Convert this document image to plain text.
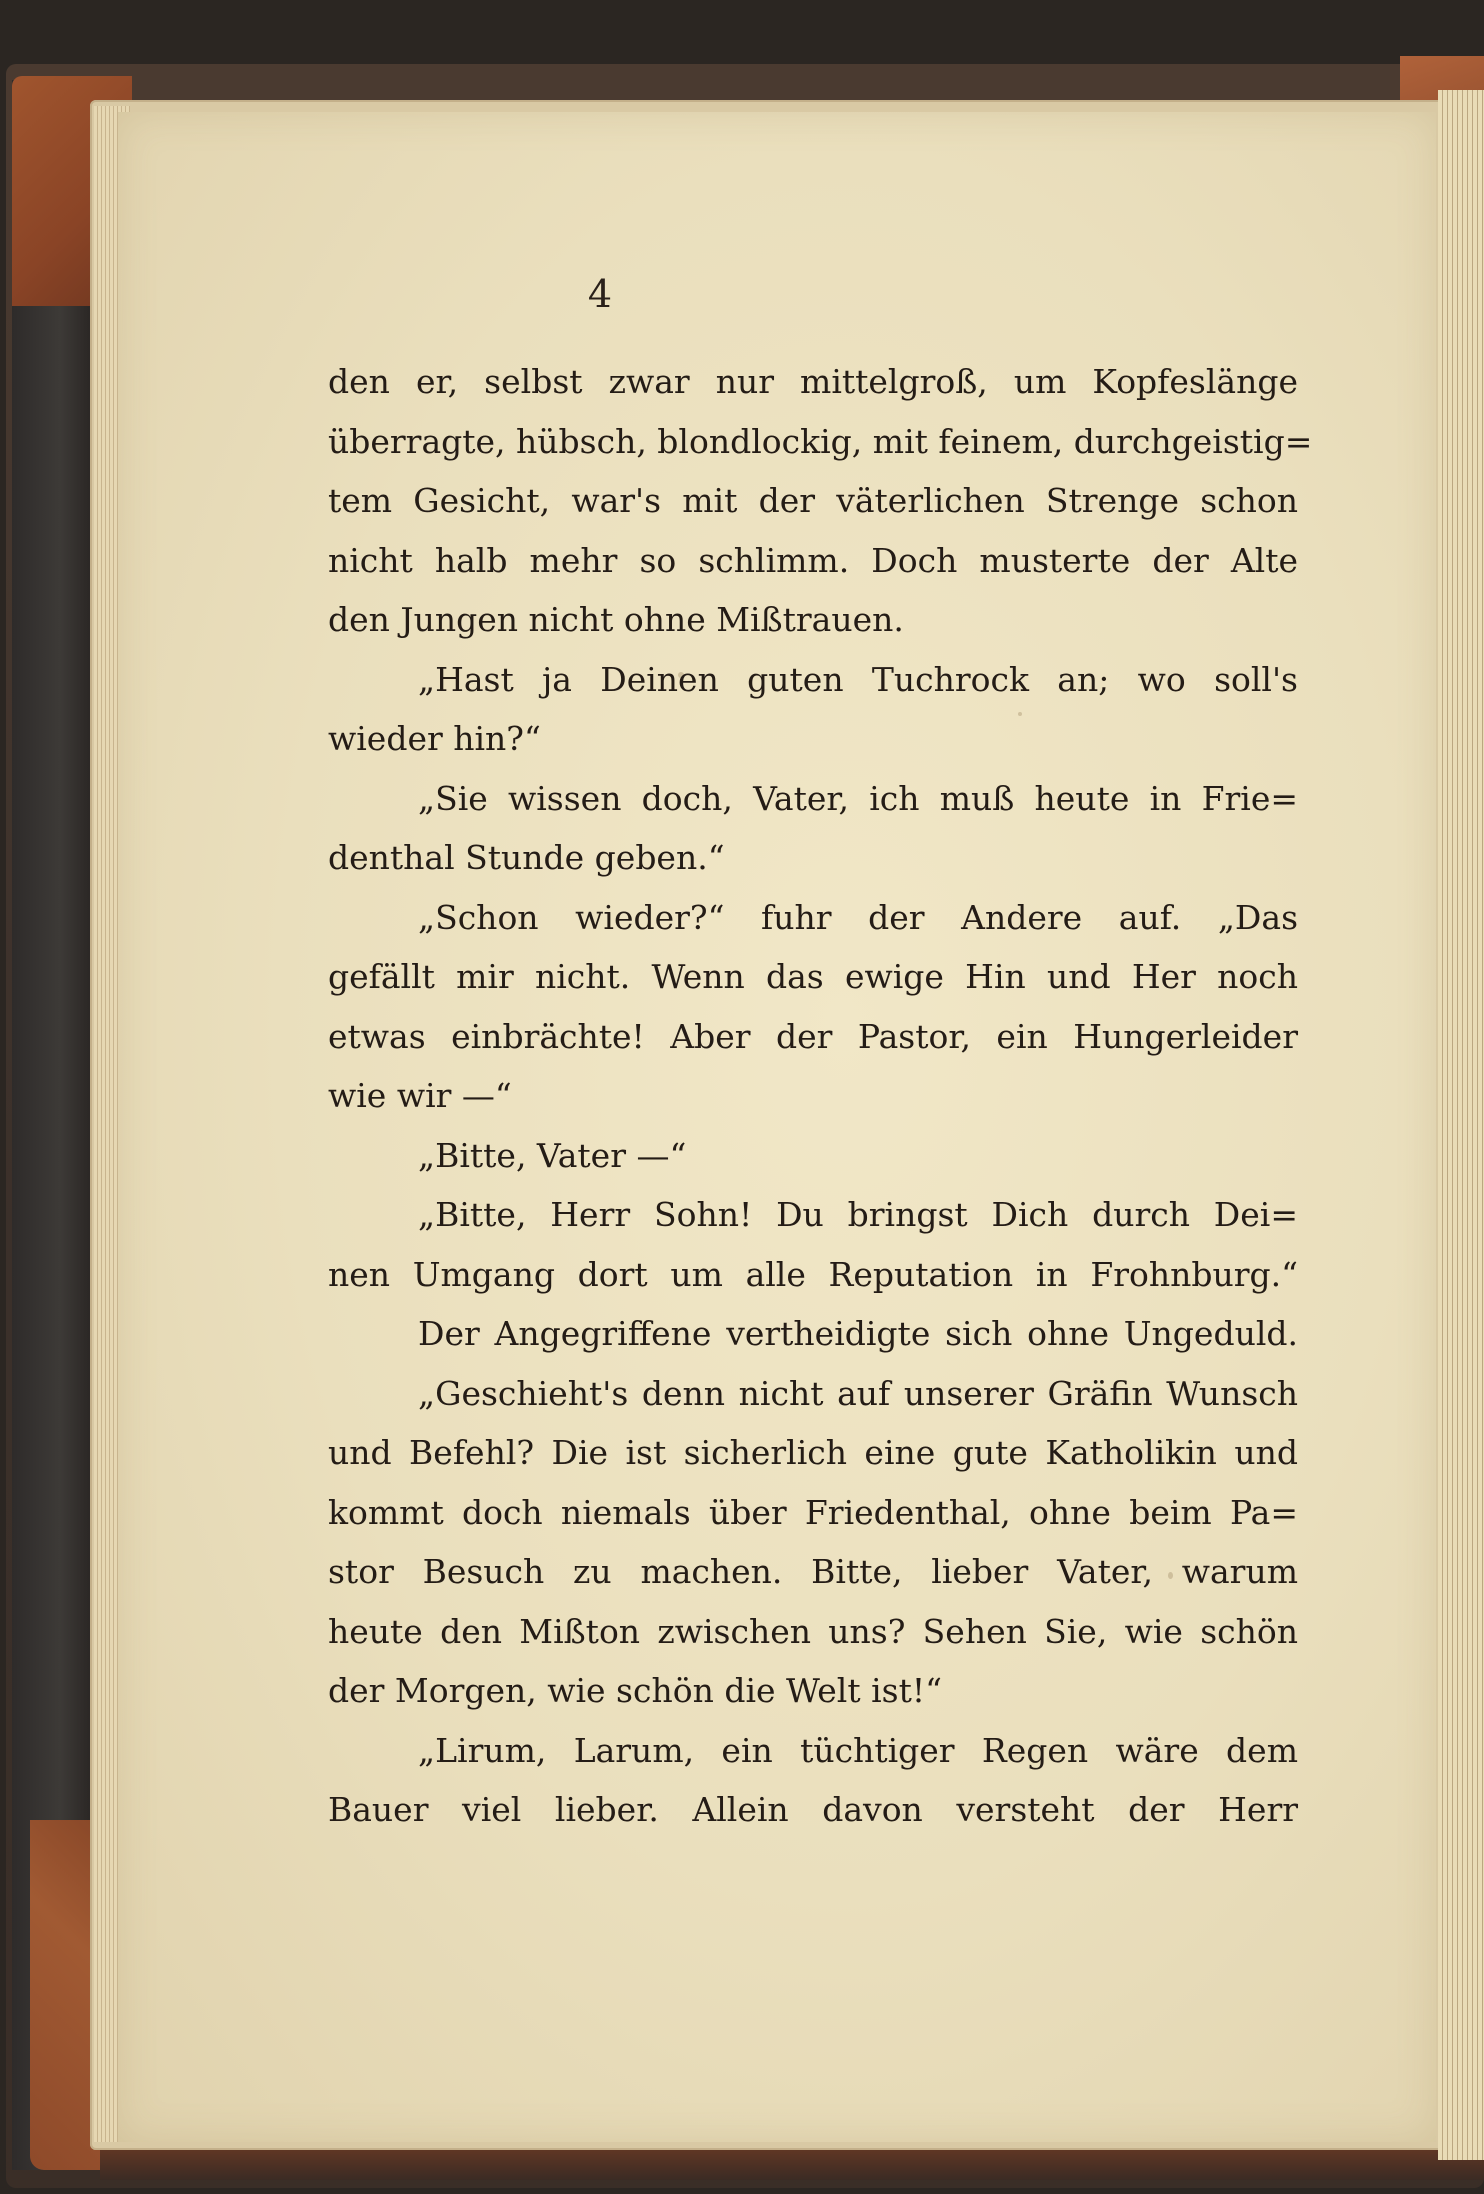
4
den er, selbst zwar nur mittelgroß, um Kopfeslänge
überragte, hübsch, blondlockig, mit feinem, durchgeistig=
tem Gesicht, war's mit der väterlichen Strenge schon
nicht halb mehr so schlimm. Doch musterte der Alte
den Jungen nicht ohne Mißtrauen.
„Hast ja Deinen guten Tuchrock an; wo soll's
wieder hin?“
„Sie wissen doch, Vater, ich muß heute in Frie=
denthal Stunde geben.“
„Schon wieder?“ fuhr der Andere auf. „Das
gefällt mir nicht. Wenn das ewige Hin und Her noch
etwas einbrächte! Aber der Pastor, ein Hungerleider
wie wir —“
„Bitte, Vater —“
„Bitte, Herr Sohn! Du bringst Dich durch Dei=
nen Umgang dort um alle Reputation in Frohnburg.“
Der Angegriffene vertheidigte sich ohne Ungeduld.
„Geschieht's denn nicht auf unserer Gräfin Wunsch
und Befehl? Die ist sicherlich eine gute Katholikin und
kommt doch niemals über Friedenthal, ohne beim Pa=
stor Besuch zu machen. Bitte, lieber Vater, warum
heute den Mißton zwischen uns? Sehen Sie, wie schön
der Morgen, wie schön die Welt ist!“
„Lirum, Larum, ein tüchtiger Regen wäre dem
Bauer viel lieber. Allein davon versteht der Herr
